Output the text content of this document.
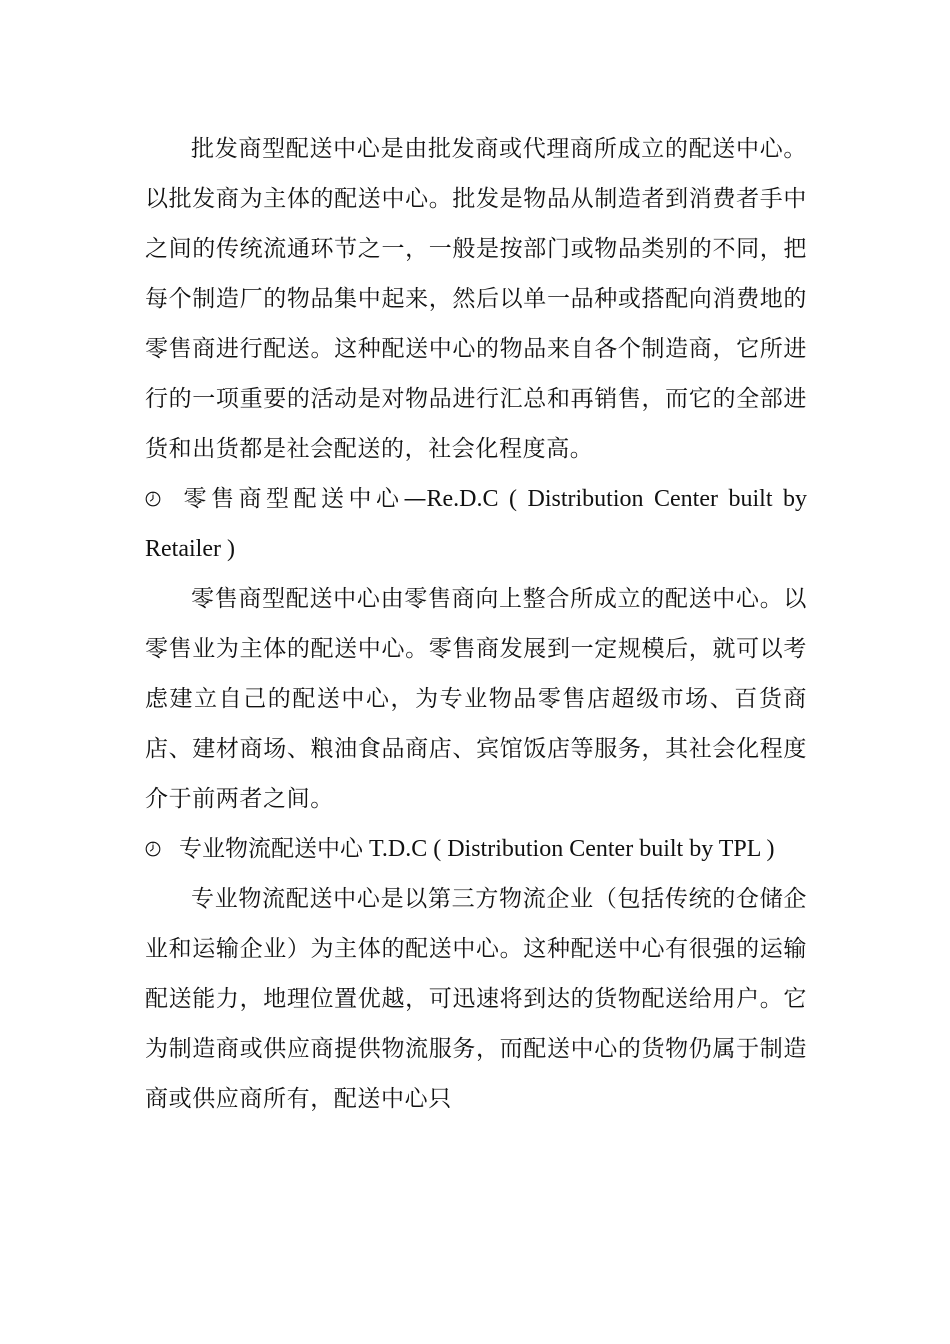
批发商型配送中心是由批发商或代理商所成立的配送中心。以批发商为主体的配送中心。批发是物品从制造者到消费者手中之间的传统流通环节之一，一般是按部门或物品类别的不同，把每个制造厂的物品集中起来，然后以单一品种或搭配向消费地的零售商进行配送。这种配送中心的物品来自各个制造商，它所进行的一项重要的活动是对物品进行汇总和再销售，而它的全部进货和出货都是社会配送的，社会化程度高。

零售商型配送中心—Re.D.C ( Distribution Center built by Retailer )

零售商型配送中心由零售商向上整合所成立的配送中心。以零售业为主体的配送中心。零售商发展到一定规模后，就可以考虑建立自己的配送中心，为专业物品零售店超级市场、百货商店、建材商场、粮油食品商店、宾馆饭店等服务，其社会化程度介于前两者之间。

专业物流配送中心 T.D.C ( Distribution Center built by TPL )

专业物流配送中心是以第三方物流企业（包括传统的仓储企业和运输企业）为主体的配送中心。这种配送中心有很强的运输配送能力，地理位置优越，可迅速将到达的货物配送给用户。它为制造商或供应商提供物流服务，而配送中心的货物仍属于制造商或供应商所有，配送中心只
